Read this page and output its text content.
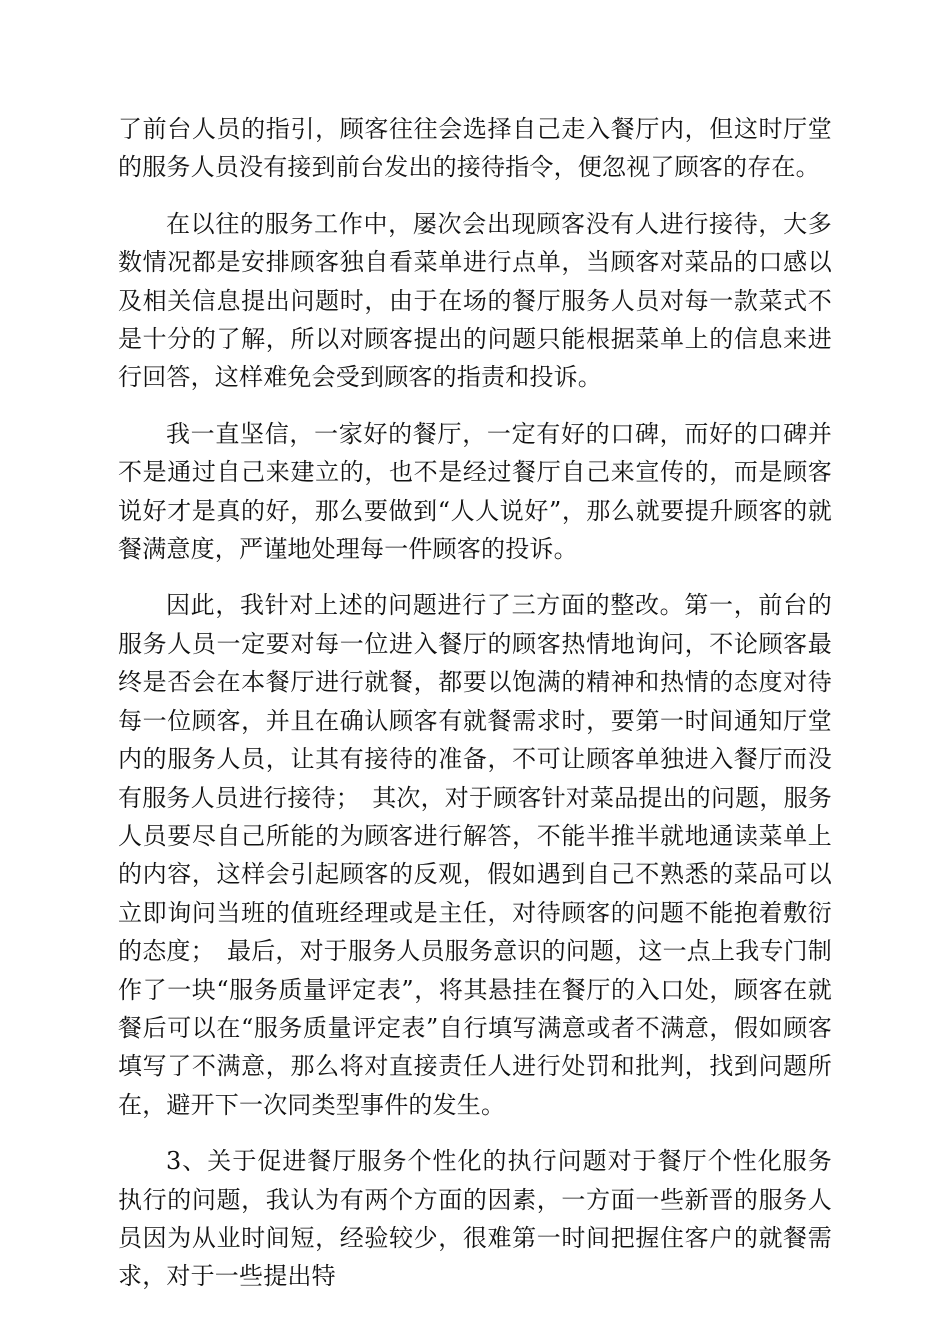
了前台人员的指引，顾客往往会选择自己走入餐厅内，但这时厅堂的服务人员没有接到前台发出的接待指令，便忽视了顾客的存在。

在以往的服务工作中，屡次会出现顾客没有人进行接待，大多数情况都是安排顾客独自看菜单进行点单，当顾客对菜品的口感以及相关信息提出问题时，由于在场的餐厅服务人员对每一款菜式不是十分的了解，所以对顾客提出的问题只能根据菜单上的信息来进行回答，这样难免会受到顾客的指责和投诉。

我一直坚信，一家好的餐厅，一定有好的口碑，而好的口碑并不是通过自己来建立的，也不是经过餐厅自己来宣传的，而是顾客说好才是真的好，那么要做到“人人说好”，那么就要提升顾客的就餐满意度，严谨地处理每一件顾客的投诉。

因此，我针对上述的问题进行了三方面的整改。第一，前台的服务人员一定要对每一位进入餐厅的顾客热情地询问，不论顾客最终是否会在本餐厅进行就餐，都要以饱满的精神和热情的态度对待每一位顾客，并且在确认顾客有就餐需求时，要第一时间通知厅堂内的服务人员，让其有接待的准备，不可让顾客单独进入餐厅而没有服务人员进行接待；　其次，对于顾客针对菜品提出的问题，服务人员要尽自己所能的为顾客进行解答，不能半推半就地通读菜单上的内容，这样会引起顾客的反观，假如遇到自己不熟悉的菜品可以立即询问当班的值班经理或是主任，对待顾客的问题不能抱着敷衍的态度；　最后，对于服务人员服务意识的问题，这一点上我专门制作了一块“服务质量评定表”，将其悬挂在餐厅的入口处，顾客在就餐后可以在“服务质量评定表”自行填写满意或者不满意，假如顾客填写了不满意，那么将对直接责任人进行处罚和批判，找到问题所在，避开下一次同类型事件的发生。

3、关于促进餐厅服务个性化的执行问题对于餐厅个性化服务执行的问题，我认为有两个方面的因素，一方面一些新晋的服务人员因为从业时间短，经验较少，很难第一时间把握住客户的就餐需求，对于一些提出特
